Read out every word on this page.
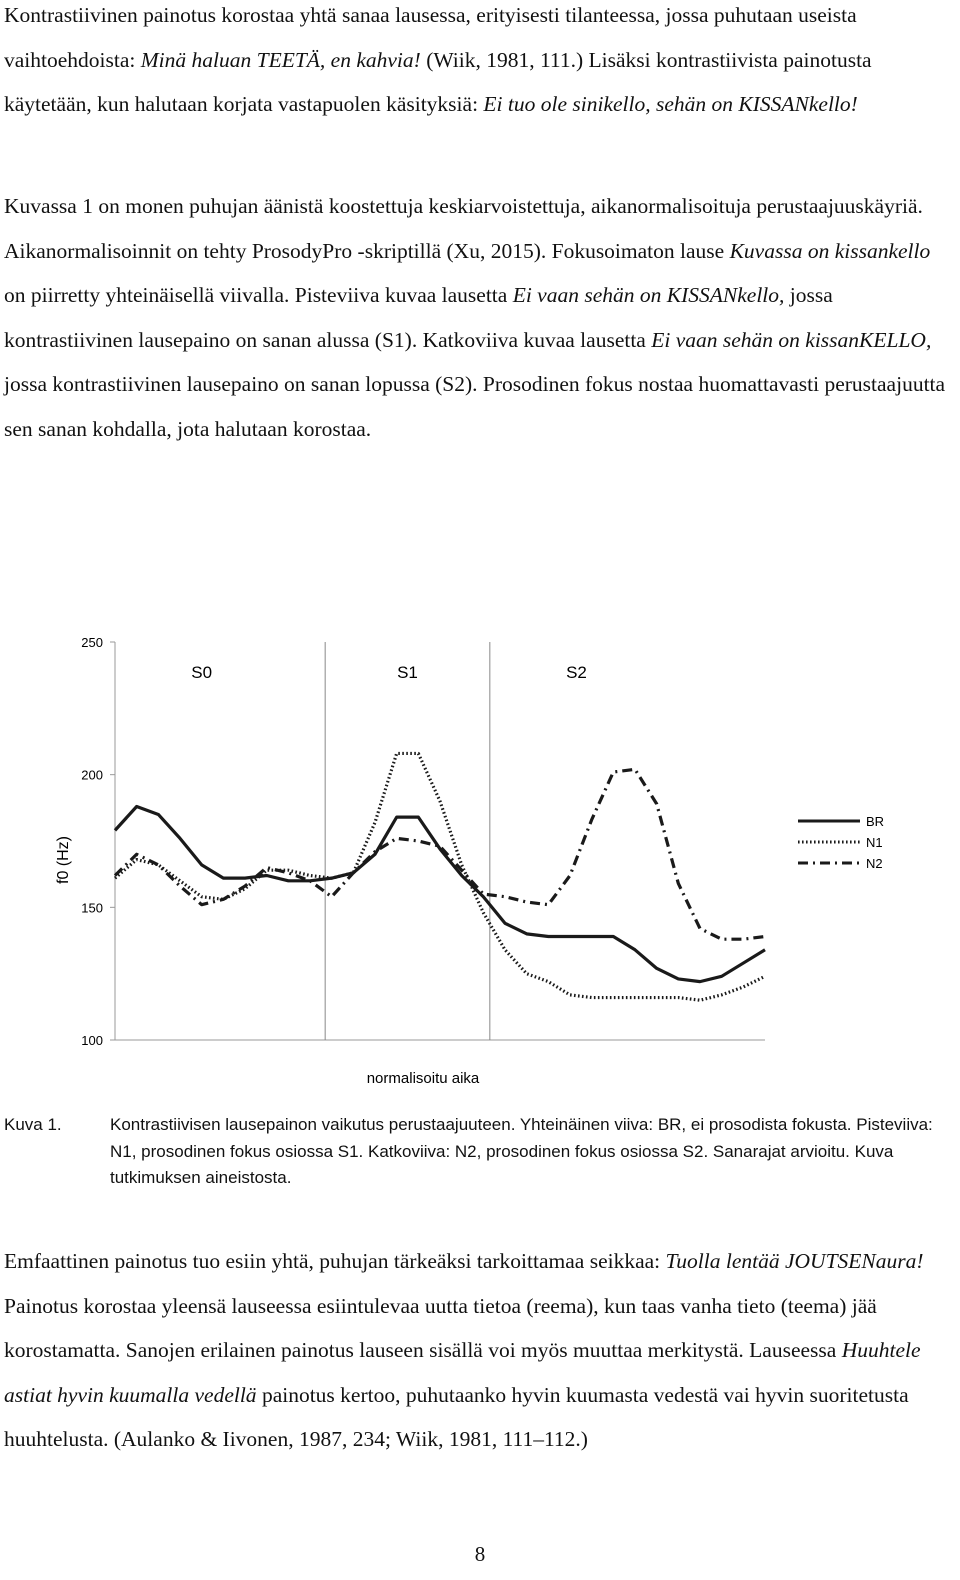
Kontrastiivinen painotus korostaa yhtä sanaa lausessa, erityisesti tilanteessa, jossa puhutaan useista vaihtoehdoista: Minä haluan TEETÄ, en kahvia! (Wiik, 1981, 111.) Lisäksi kontrastiivista painotusta käytetään, kun halutaan korjata vastapuolen käsityksiä: Ei tuo ole sinikello, sehän on KISSANkello!

Kuvassa 1 on monen puhujan äänistä koostettuja keskiarvoistettuja, aikanormalisoituja perustaajuuskäyriä. Aikanormalisoinnit on tehty ProsodyPro -skriptillä (Xu, 2015). Fokusoimaton lause Kuvassa on kissankello on piirretty yhteinäisellä viivalla. Pisteviiva kuvaa lausetta Ei vaan sehän on KISSANkello, jossa kontrastiivinen lausepaino on sanan alussa (S1). Katkoviiva kuvaa lausetta Ei vaan sehän on kissanKELLO, jossa kontrastiivinen lausepaino on sanan lopussa (S2). Prosodinen fokus nostaa huomattavasti perustaajuutta sen sanan kohdalla, jota halutaan korostaa.

100
150
200
250
S0	S1	S2
BR
N1
N2
f0 (Hz)
normalisoitu aika
Kuva 1.	Kontrastiivisen lausepainon vaikutus perustaajuuteen. Yhteinäinen viiva: BR, ei prosodista fokusta. Pisteviiva: N1, prosodinen fokus osiossa S1. Katkoviiva: N2, prosodinen fokus osiossa S2. Sanarajat arvioitu. Kuva tutkimuksen aineistosta.

Emfaattinen painotus tuo esiin yhtä, puhujan tärkeäksi tarkoittamaa seikkaa: Tuolla lentää JOUTSENaura! Painotus korostaa yleensä lauseessa esiintulevaa uutta tietoa (reema), kun taas vanha tieto (teema) jää korostamatta. Sanojen erilainen painotus lauseen sisällä voi myös muuttaa merkitystä. Lauseessa Huuhtele astiat hyvin kuumalla vedellä painotus kertoo, puhutaanko hyvin kuumasta vedestä vai hyvin suoritetusta huuhtelusta. (Aulanko & Iivonen, 1987, 234; Wiik, 1981, 111–112.)

8
